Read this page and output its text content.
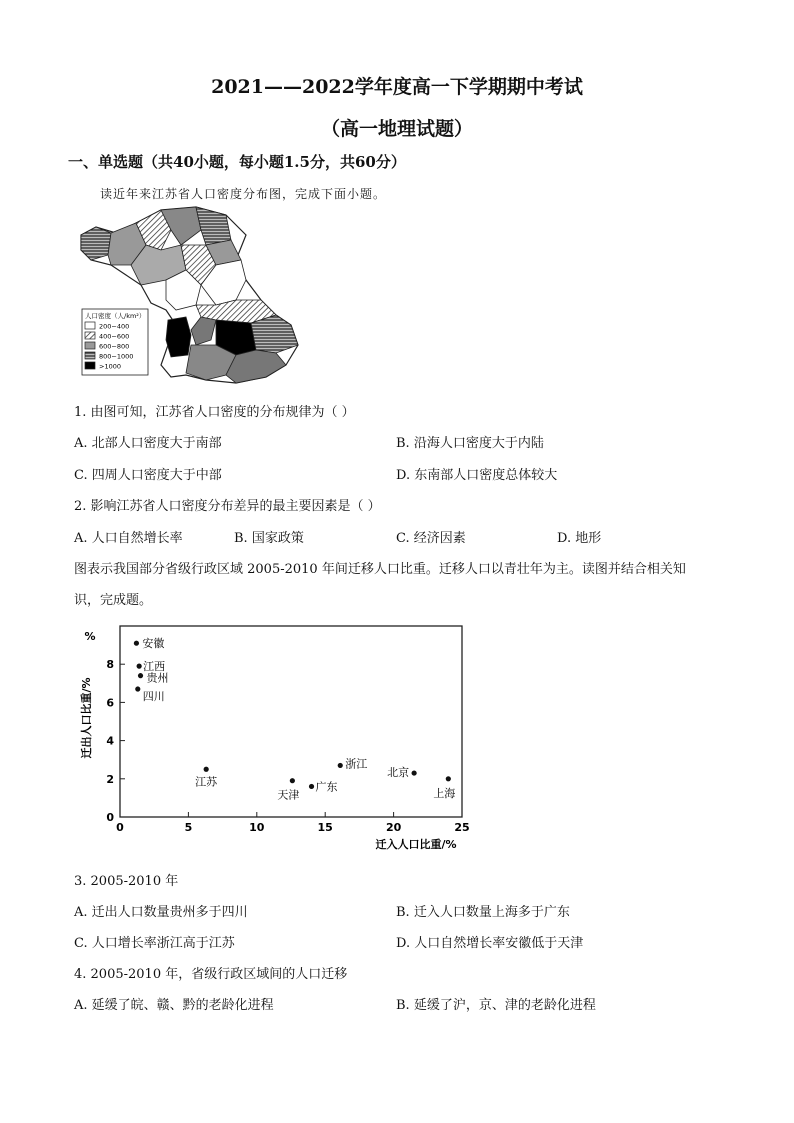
2021——2022学年度高一下学期期中考试
（高一地理试题）
一、单选题（共40小题，每小题1.5分，共60分）
读近年来江苏省人口密度分布图，完成下面小题。
人口密度（人/km²）
200~400
400~600
600~800
800~1000
>1000
1. 由图可知，江苏省人口密度的分布规律为（ ）
A. 北部人口密度大于南部	B. 沿海人口密度大于内陆
C. 四周人口密度大于中部	D. 东南部人口密度总体较大
2. 影响江苏省人口密度分布差异的最主要因素是（ ）
A. 人口自然增长率	B. 国家政策	C. 经济因素	D. 地形
图表示我国部分省级行政区域 2005-2010 年间迁移人口比重。迁移人口以青壮年为主。读图并结合相关知
识，完成题。
0	5	10	15	20	25
0
2
4
6
8
安徽
江西
贵州
四川
江苏
天津
广东
浙江
北京
上海
%
迁出人口比重/%
迁入人口比重/%
3. 2005-2010 年
A. 迁出人口数量贵州多于四川	B. 迁入人口数量上海多于广东
C. 人口增长率浙江高于江苏	D. 人口自然增长率安徽低于天津
4. 2005-2010 年，省级行政区域间的人口迁移
A. 延缓了皖、赣、黔的老龄化进程	B. 延缓了沪，京、津的老龄化进程
